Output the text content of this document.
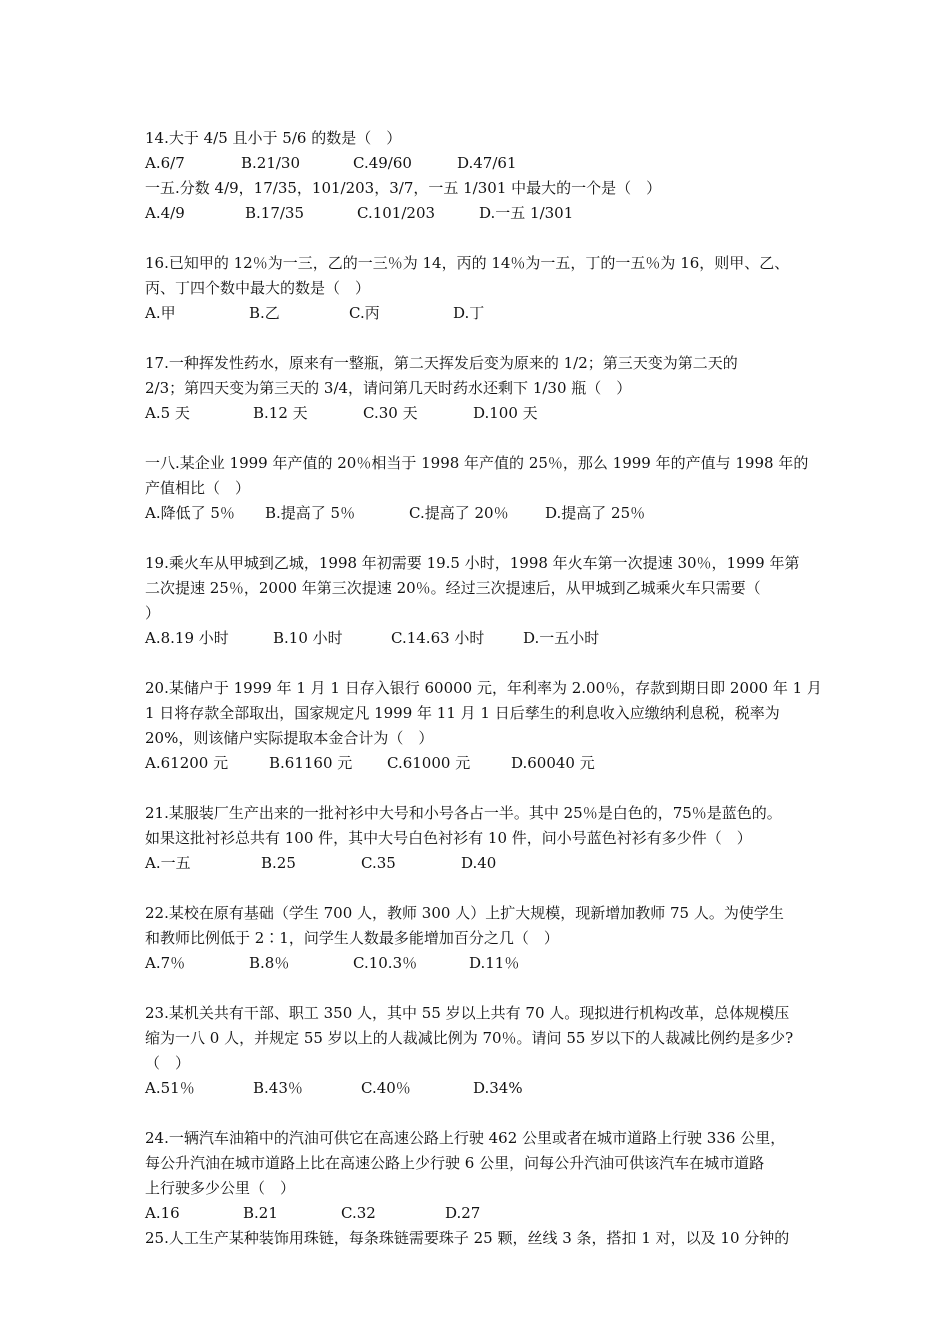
14.大于 4/5 且小于 5/6 的数是（　）
A.6/7	B.21/30	C.49/60	D.47/61
一五.分数 4/9，17/35，101/203，3/7，一五 1/301 中最大的一个是（　）
A.4/9	B.17/35	C.101/203	D.一五 1/301
16.已知甲的 12％为一三，乙的一三％为 14，丙的 14％为一五，丁的一五％为 16，则甲、乙、
丙、丁四个数中最大的数是（　）
A.甲	B.乙	C.丙	D.丁
17.一种挥发性药水，原来有一整瓶，第二天挥发后变为原来的 1/2；第三天变为第二天的
2/3；第四天变为第三天的 3/4，请问第几天时药水还剩下 1/30 瓶（　）
A.5 天	B.12 天	C.30 天	D.100 天
一八.某企业 1999 年产值的 20％相当于 1998 年产值的 25％，那么 1999 年的产值与 1998 年的
产值相比（　）
A.降低了 5％	B.提高了 5％	C.提高了 20％	D.提高了 25％
19.乘火车从甲城到乙城，1998 年初需要 19.5 小时，1998 年火车第一次提速 30％，1999 年第
二次提速 25％，2000 年第三次提速 20％。经过三次提速后，从甲城到乙城乘火车只需要（
）
A.8.19 小时	B.10 小时	C.14.63 小时	D.一五小时
20.某储户于 1999 年 1 月 1 日存入银行 60000 元，年利率为 2.00％，存款到期日即 2000 年 1 月
1 日将存款全部取出，国家规定凡 1999 年 11 月 1 日后孳生的利息收入应缴纳利息税，税率为
20%，则该储户实际提取本金合计为（　）
A.61200 元	B.61160 元	C.61000 元	D.60040 元
21.某服装厂生产出来的一批衬衫中大号和小号各占一半。其中 25％是白色的，75％是蓝色的。
如果这批衬衫总共有 100 件，其中大号白色衬衫有 10 件，问小号蓝色衬衫有多少件（　）
A.一五	B.25	C.35	D.40
22.某校在原有基础（学生 700 人，教师 300 人）上扩大规模，现新增加教师 75 人。为使学生
和教师比例低于 2∶1，问学生人数最多能增加百分之几（　）
A.7％	B.8％	C.10.3％	D.11％
23.某机关共有干部、职工 350 人，其中 55 岁以上共有 70 人。现拟进行机构改革，总体规模压
缩为一八 0 人，并规定 55 岁以上的人裁减比例为 70％。请问 55 岁以下的人裁减比例约是多少?
（　）
A.51％	B.43％	C.40％	D.34%
24.一辆汽车油箱中的汽油可供它在高速公路上行驶 462 公里或者在城市道路上行驶 336 公里，
每公升汽油在城市道路上比在高速公路上少行驶 6 公里，问每公升汽油可供该汽车在城市道路
上行驶多少公里（　）
A.16	B.21	C.32	D.27
25.人工生产某种装饰用珠链，每条珠链需要珠子 25 颗，丝线 3 条，搭扣 1 对，以及 10 分钟的
